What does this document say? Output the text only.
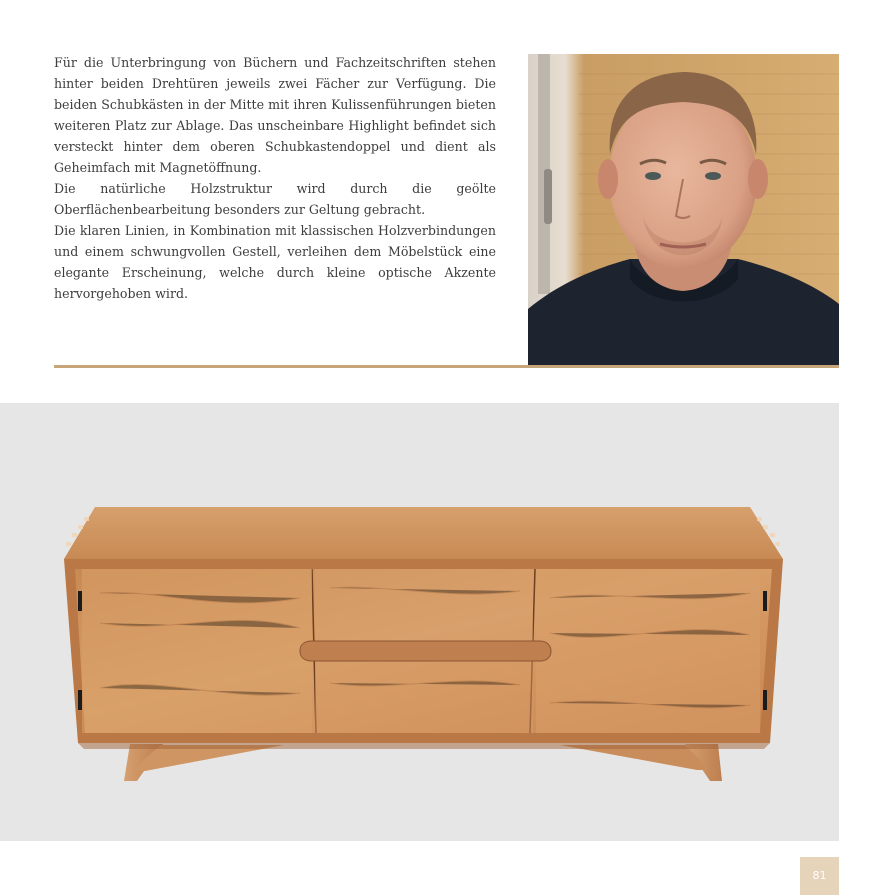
Für die Unterbringung von Büchern und Fachzeitschriften stehen hinter beiden Drehtüren jeweils zwei Fächer zur Verfügung. Die beiden Schubkästen in der Mitte mit ihren Kulissenführungen bieten weiteren Platz zur Ablage. Das unscheinbare Highlight befindet sich versteckt hinter dem oberen Schubkastendoppel und dient als Geheimfach mit Magnetöffnung.

Die natürliche Holzstruktur wird durch die geölte Oberflächenbearbeitung besonders zur Geltung gebracht.

Die klaren Linien, in Kombination mit klassischen Holzverbindungen und einem schwungvollen Gestell, verleihen dem Möbelstück eine elegante Erscheinung, welche durch kleine optische Akzente hervorgehoben wird.

81
